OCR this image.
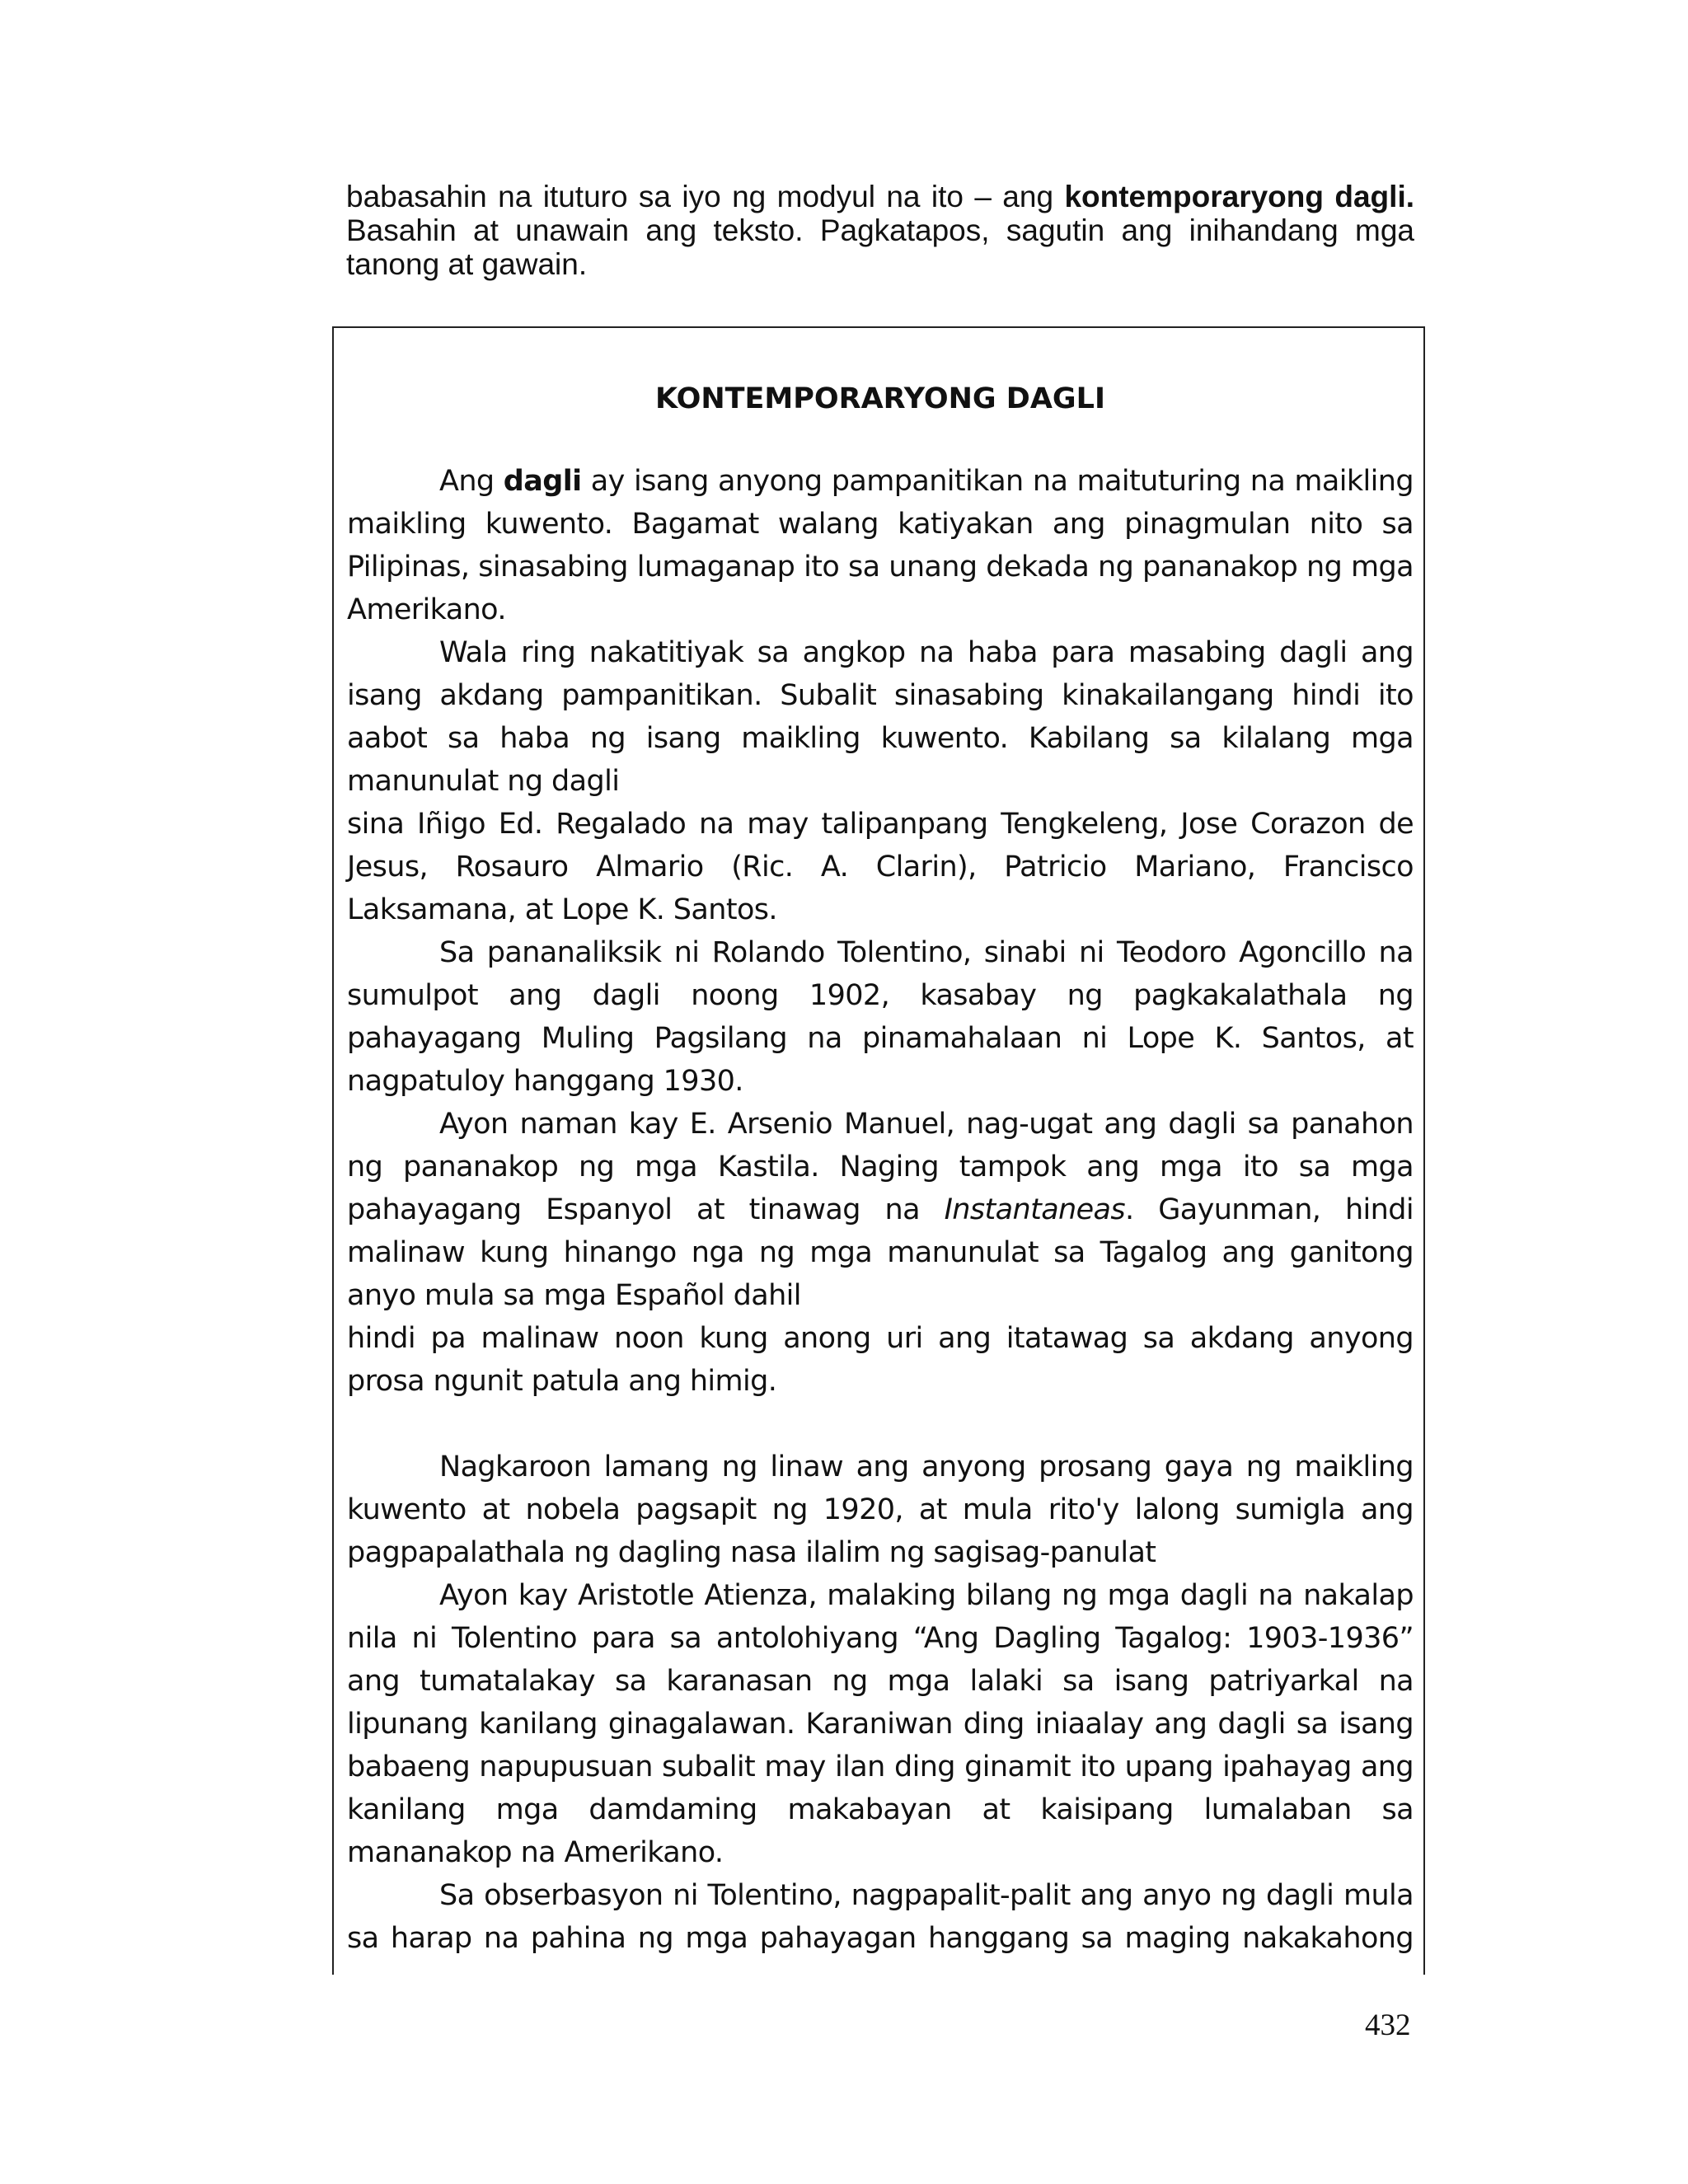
babasahin na ituturo sa iyo ng modyul na ito – ang kontemporaryong dagli. Basahin at unawain ang teksto. Pagkatapos, sagutin ang inihandang mga tanong at gawain.
KONTEMPORARYONG DAGLI

Ang dagli ay isang anyong pampanitikan na maituturing na maikling maikling kuwento. Bagamat walang katiyakan ang pinagmulan nito sa Pilipinas, sinasabing lumaganap ito sa unang dekada ng pananakop ng mga Amerikano.

Wala ring nakatitiyak sa angkop na haba para masabing dagli ang isang akdang pampanitikan. Subalit sinasabing kinakailangang hindi ito aabot sa haba ng isang maikling kuwento. Kabilang sa kilalang mga manunulat ng dagli

sina Iñigo Ed. Regalado na may talipanpang Tengkeleng, Jose Corazon de Jesus, Rosauro Almario (Ric. A. Clarin), Patricio Mariano, Francisco Laksamana, at Lope K. Santos.

Sa pananaliksik ni Rolando Tolentino, sinabi ni Teodoro Agoncillo na sumulpot ang dagli noong 1902, kasabay ng pagkakalathala ng pahayagang Muling Pagsilang na pinamahalaan ni Lope K. Santos, at nagpatuloy hanggang 1930.

Ayon naman kay E. Arsenio Manuel, nag-ugat ang dagli sa panahon ng pananakop ng mga Kastila. Naging tampok ang mga ito sa mga pahayagang Espanyol at tinawag na Instantaneas. Gayunman, hindi malinaw kung hinango nga ng mga manunulat sa Tagalog ang ganitong anyo mula sa mga Español dahil

hindi pa malinaw noon kung anong uri ang itatawag sa akdang anyong prosa ngunit patula ang himig.

Nagkaroon lamang ng linaw ang anyong prosang gaya ng maikling kuwento at nobela pagsapit ng 1920, at mula rito'y lalong sumigla ang pagpapalathala ng dagling nasa ilalim ng sagisag-panulat

Ayon kay Aristotle Atienza, malaking bilang ng mga dagli na nakalap nila ni Tolentino para sa antolohiyang “Ang Dagling Tagalog: 1903-1936” ang tumatalakay sa karanasan ng mga lalaki sa isang patriyarkal na lipunang kanilang ginagalawan. Karaniwan ding iniaalay ang dagli sa isang babaeng napupusuan subalit may ilan ding ginamit ito upang ipahayag ang kanilang mga damdaming makabayan at kaisipang lumalaban sa mananakop na Amerikano.

Sa obserbasyon ni Tolentino, nagpapalit-palit ang anyo ng dagli mula sa harap na pahina ng mga pahayagan hanggang sa maging nakakahong

432
